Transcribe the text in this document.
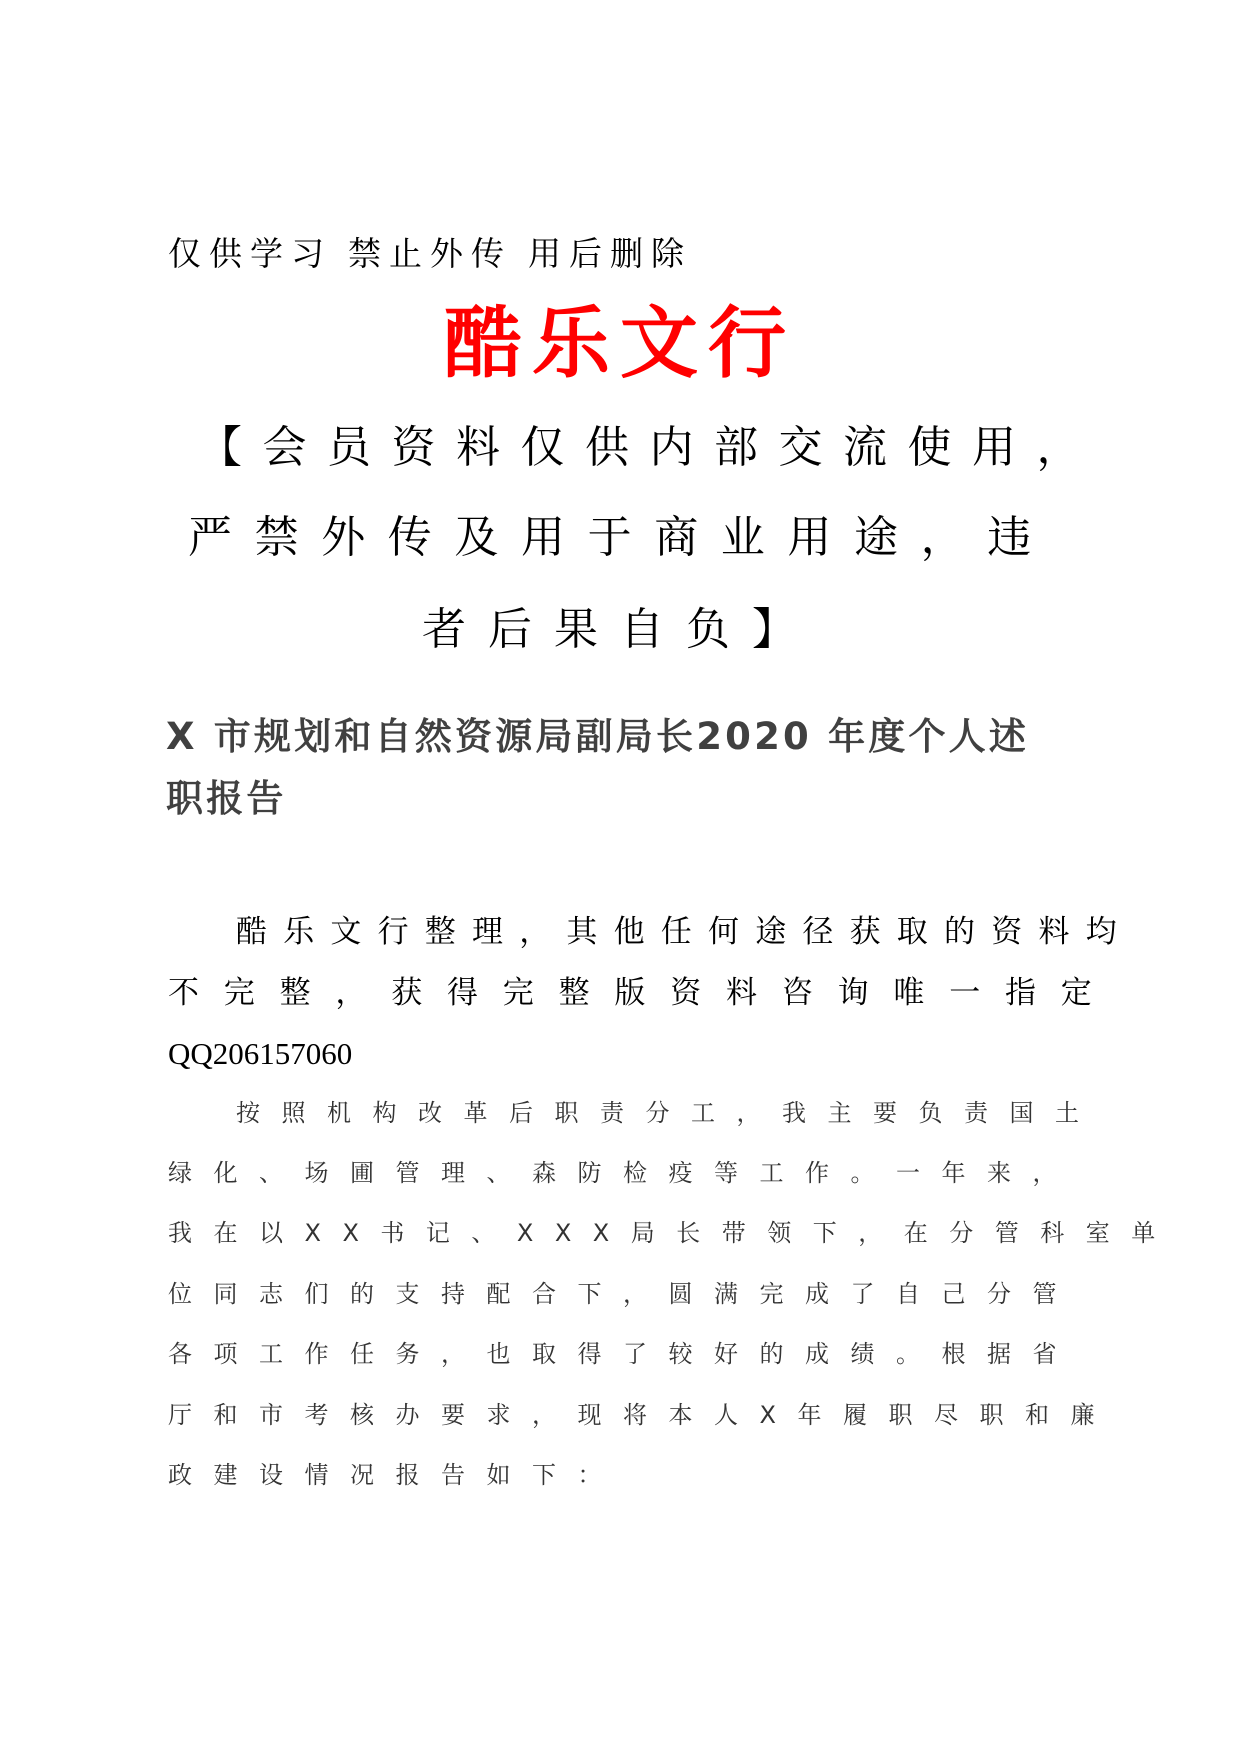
仅供学习 禁止外传 用后删除

酷乐文行

【会员资料仅供内部交流使用，

严禁外传及用于商业用途，违

者后果自负】

X 市规划和自然资源局副局长2020 年度个人述
职报告

酷乐文行整理，其他任何途径获取的资料均

不完整，获得完整版资料咨询唯一指定

QQ206157060

按照机构改革后职责分工，我主要负责国土

绿化、场圃管理、森防检疫等工作。一年来，

我在以XX书记、XXX局长带领下，在分管科室单

位同志们的支持配合下，圆满完成了自己分管

各项工作任务，也取得了较好的成绩。根据省

厅和市考核办要求，现将本人X年履职尽职和廉

政建设情况报告如下：
